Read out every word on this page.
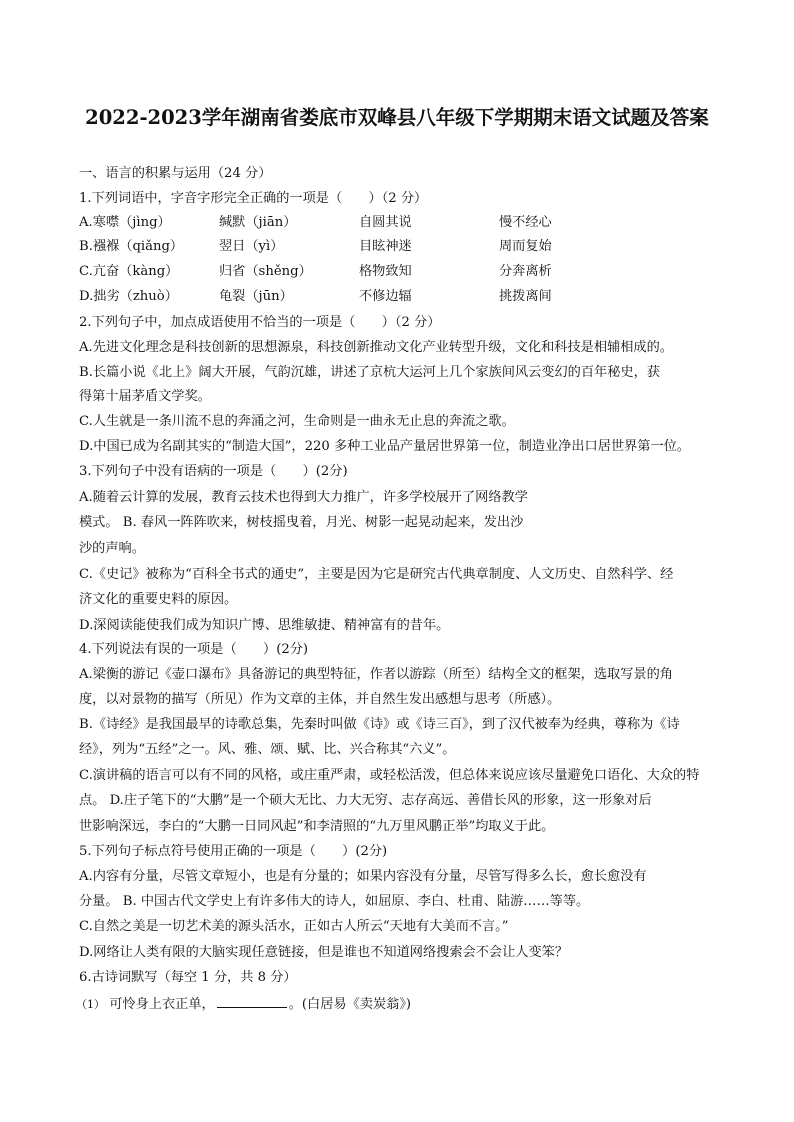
2022-2023学年湖南省娄底市双峰县八年级下学期期末语文试题及答案
一、语言的积累与运用（24 分）
1.下列词语中，字音字形完全正确的一项是（　　）（2 分）
A.寒噤（jìng）	缄默（jiān）	自圆其说	慢不经心
B.襁褓（qiǎng）	翌日（yì）	目眩神迷	周而复始
C.亢奋（kàng）	归省（shěng）	格物致知	分奔离析
D.拙劣（zhuò）	龟裂（jūn）	不修边辐	挑拨离间
2.下列句子中，加点成语使用不恰当的一项是（　　）（2 分）
A.先进文化理念是科技创新的思想源泉，科技创新推动文化产业转型升级，文化和科技是相辅相成的。
B.长篇小说《北上》阔大开展，气韵沉雄，讲述了京杭大运河上几个家族间风云变幻的百年秘史，获
得第十届茅盾文学奖。
C.人生就是一条川流不息的奔涌之河，生命则是一曲永无止息的奔流之歌。
D.中国已成为名副其实的“制造大国”，220 多种工业品产量居世界第一位，制造业净出口居世界第一位。
3.下列句子中没有语病的一项是（　　）(2分)
A.随着云计算的发展，教育云技术也得到大力推广，许多学校展开了网络教学
模式。 B. 春风一阵阵吹来，树枝摇曳着，月光、树影一起晃动起来，发出沙
沙的声响。
C.《史记》被称为“百科全书式的通史”，主要是因为它是研究古代典章制度、人文历史、自然科学、经
济文化的重要史料的原因。
D.深阅读能使我们成为知识广博、思维敏捷、精神富有的昔年。
4.下列说法有误的一项是（　　）(2分)
A.梁衡的游记《壶口瀑布》具备游记的典型特征，作者以游踪（所至）结构全文的框架，选取写景的角
度，以对景物的描写（所见）作为文章的主体，并自然生发出感想与思考（所感）。
B.《诗经》是我国最早的诗歌总集，先秦时叫做《诗》或《诗三百》，到了汉代被奉为经典，尊称为《诗
经》，列为“五经”之一。风、雅、颂、赋、比、兴合称其“六义”。
C.演讲稿的语言可以有不同的风格，或庄重严肃，或轻松活泼，但总体来说应该尽量避免口语化、大众的特
点。 D.庄子笔下的“大鹏”是一个硕大无比、力大无穷、志存高远、善借长风的形象，这一形象对后
世影响深远，李白的“大鹏一日同风起”和李清照的“九万里风鹏正举”均取义于此。
5.下列句子标点符号使用正确的一项是（　　）(2分)
A.内容有分量，尽管文章短小，也是有分量的；如果内容没有分量，尽管写得多么长，愈长愈没有
分量。 B. 中国古代文学史上有许多伟大的诗人，如屈原、李白、杜甫、陆游……等等。
C.自然之美是一切艺术美的源头活水，正如古人所云“天地有大美而不言。”
D.网络让人类有限的大脑实现任意链接，但是谁也不知道网络搜索会不会让人变笨？
6.古诗词默写（每空 1 分，共 8 分）
（1） 可怜身上衣正单，	。(白居易《卖炭翁》)
